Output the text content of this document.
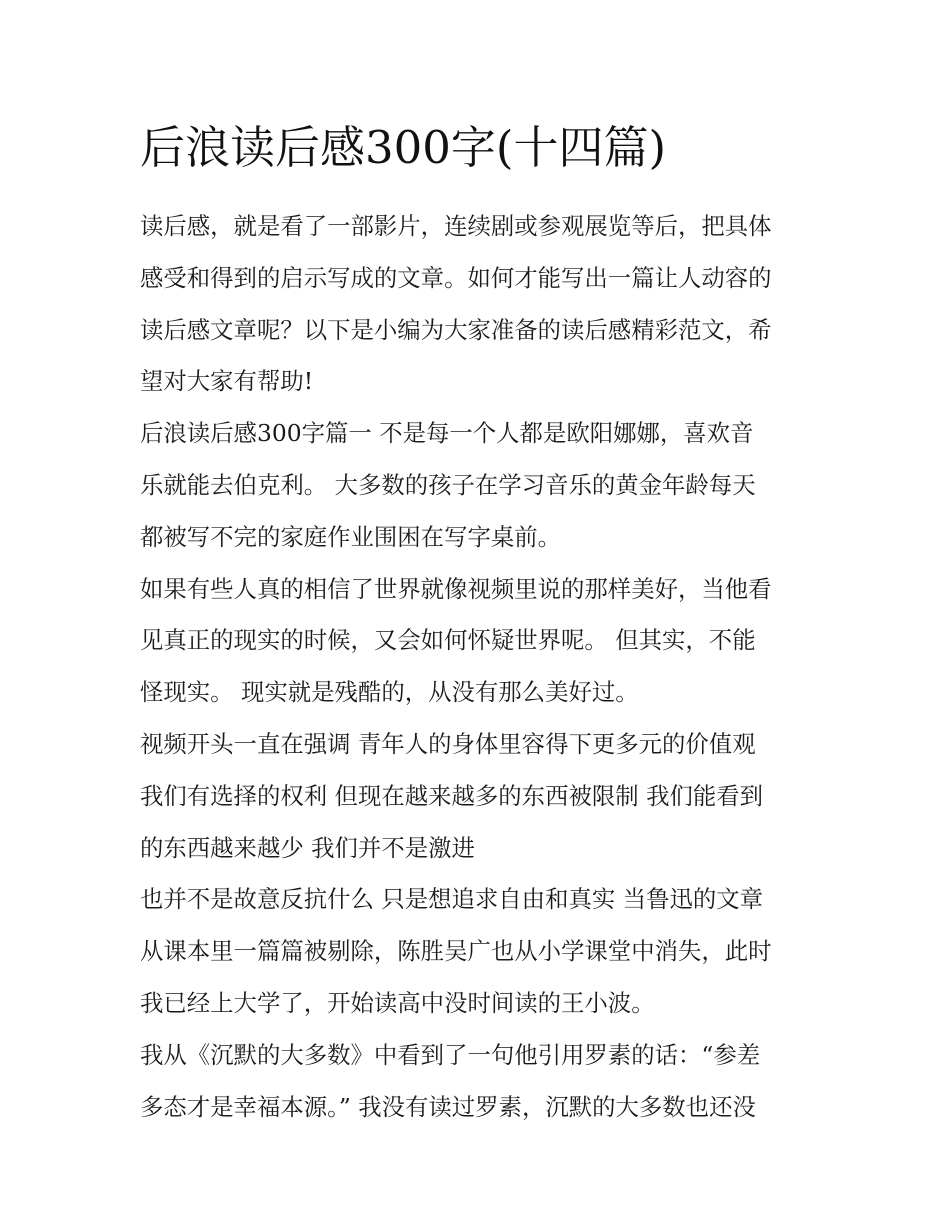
后浪读后感300字(十四篇)
读后感，就是看了一部影片，连续剧或参观展览等后，把具体
感受和得到的启示写成的文章。如何才能写出一篇让人动容的
读后感文章呢？以下是小编为大家准备的读后感精彩范文，希
望对大家有帮助!
后浪读后感300字篇一 不是每一个人都是欧阳娜娜，喜欢音
乐就能去伯克利。 大多数的孩子在学习音乐的黄金年龄每天
都被写不完的家庭作业围困在写字桌前。
如果有些人真的相信了世界就像视频里说的那样美好，当他看
见真正的现实的时候，又会如何怀疑世界呢。 但其实，不能
怪现实。 现实就是残酷的，从没有那么美好过。
视频开头一直在强调 青年人的身体里容得下更多元的价值观
我们有选择的权利 但现在越来越多的东西被限制 我们能看到
的东西越来越少 我们并不是激进
也并不是故意反抗什么 只是想追求自由和真实 当鲁迅的文章
从课本里一篇篇被剔除，陈胜吴广也从小学课堂中消失，此时
我已经上大学了，开始读高中没时间读的王小波。
我从《沉默的大多数》中看到了一句他引用罗素的话：“参差
多态才是幸福本源。” 我没有读过罗素，沉默的大多数也还没
